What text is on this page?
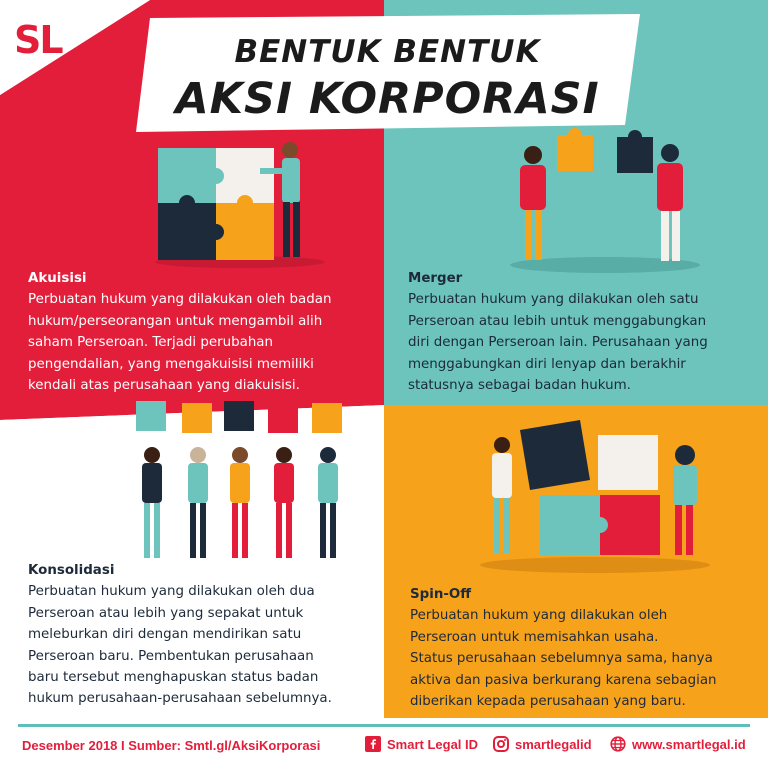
SL	BENTUK BENTUK
AKSI KORPORASI
Akuisisi

Perbuatan hukum yang dilakukan oleh badan

hukum/perseorangan untuk mengambil alih

saham Perseroan. Terjadi perubahan

pengendalian, yang mengakuisisi memiliki

kendali atas perusahaan yang diakuisisi.

Merger

Perbuatan hukum yang dilakukan oleh satu

Perseroan atau lebih untuk menggabungkan

diri dengan Perseroan lain. Perusahaan yang

menggabungkan diri lenyap dan berakhir

statusnya sebagai badan hukum.

Konsolidasi

Perbuatan hukum yang dilakukan oleh dua

Perseroan atau lebih yang sepakat untuk

meleburkan diri dengan mendirikan satu

Perseroan baru. Pembentukan perusahaan

baru tersebut menghapuskan status badan

hukum perusahaan-perusahaan sebelumnya.

Spin-Off

Perbuatan hukum yang dilakukan oleh

Perseroan untuk memisahkan usaha.

Status perusahaan sebelumnya sama, hanya

aktiva dan pasiva berkurang karena sebagian

diberikan kepada perusahaan yang baru.

Desember 2018 I Sumber: Smtl.gl/AksiKorporasi	Smart Legal ID	smartlegalid	www.smartlegal.id
